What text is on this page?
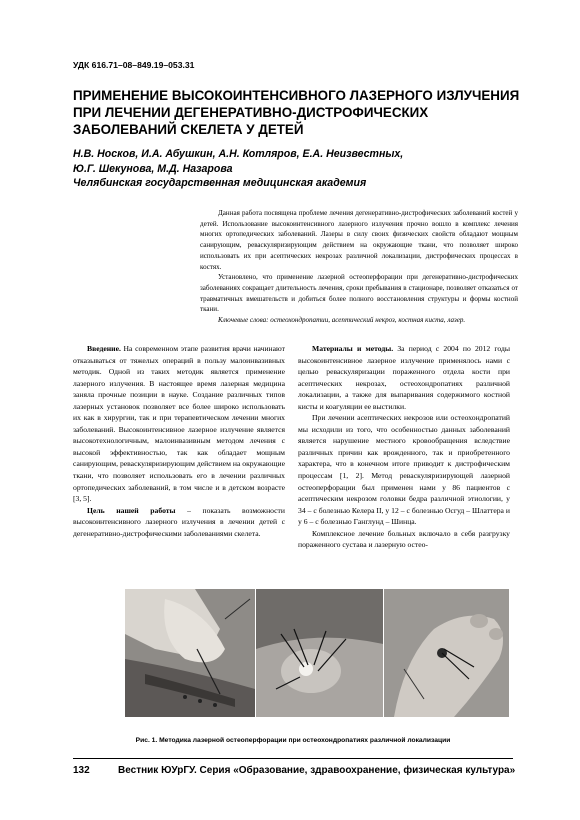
УДК 616.71–08–849.19–053.31
ПРИМЕНЕНИЕ ВЫСОКОИНТЕНСИВНОГО ЛАЗЕРНОГО ИЗЛУЧЕНИЯ
ПРИ ЛЕЧЕНИИ ДЕГЕНЕРАТИВНО-ДИСТРОФИЧЕСКИХ
ЗАБОЛЕВАНИЙ СКЕЛЕТА У ДЕТЕЙ
Н.В. Носков, И.А. Абушкин, А.Н. Котляров, Е.А. Неизвестных,
Ю.Г. Шекунова, М.Д. Назарова
Челябинская государственная медицинская академия

Данная работа посвящена проблеме лечения дегенеративно-дистрофических заболеваний костей у детей. Использование высокоинтенсивного лазерного излучения прочно вошло в комплекс лечения многих ортопедических заболеваний. Лазеры в силу своих физических свойств обладают мощным санирующим, реваскуляризирующим действием на окружающие ткани, что позволяет широко использовать их при асептических некрозах различной локализации, дистрофических процессах в костях.

Установлено, что применение лазерной остеоперфорации при дегенеративно-дистрофических заболеваниях сокращает длительность лечения, сроки пребывания в стационаре, позволяет отказаться от травматичных вмешательств и добиться более полного восстановления структуры и формы костной ткани.

Ключевые слова: остеохондропатии, асептический некроз, костная киста, лазер.

Введение. На современном этапе развития врачи начинают отказываться от тяжелых операций в пользу малоинвазивных методик. Одной из таких методик является применение лазерного излучения. В настоящее время лазерная медицина заняла прочные позиции в науке. Создание различных типов лазерных установок позволяет все более широко использовать их как в хирургии, так и при терапевтическом лечении многих заболеваний. Высокоинтенсивное лазерное излучение является высокотехнологичным, малоинвазивным методом лечения с высокой эффективностью, так как обладает мощным санирующим, реваскуляризирующим действием на окружающие ткани, что позволяет использовать его в лечении различных ортопедических заболеваний, в том числе и в детском возрасте [3, 5].

Цель нашей работы – показать возможности высокоинтенсивного лазерного излучения в лечении детей с дегенеративно-дистрофическими заболеваниями скелета.

Материалы и методы. За период с 2004 по 2012 годы высокоинтенсивное лазерное излучение применялось нами с целью реваскуляризации пораженного отдела кости при асептических некрозах, остеохондропатиях различной локализации, а также для выпаривания содержимого костной кисты и коагуляции ее выстилки.

При лечении асептических некрозов или остеохондропатий мы исходили из того, что особенностью данных заболеваний является нарушение местного кровообращения вследствие различных причин как врожденного, так и приобретенного характера, что в конечном итоге приводит к дистрофическим процессам [1, 2]. Метод реваскуляризирующей лазерной остеоперфорации был применен нами у 86 пациентов с асептическим некрозом головки бедра различной этиологии, у 34 – с болезнью Келера II, у 12 – с болезнью Осгуд – Шлаттера и у 6 – с болезнью Ганглунд – Шинца.

Комплексное лечение больных включало в себя разгрузку пораженного сустава и лазерную остео-

Рис. 1. Методика лазерной остеоперфорации при остеохондропатиях различной локализации
132	Вестник ЮУрГУ. Серия «Образование, здравоохранение, физическая культура»
